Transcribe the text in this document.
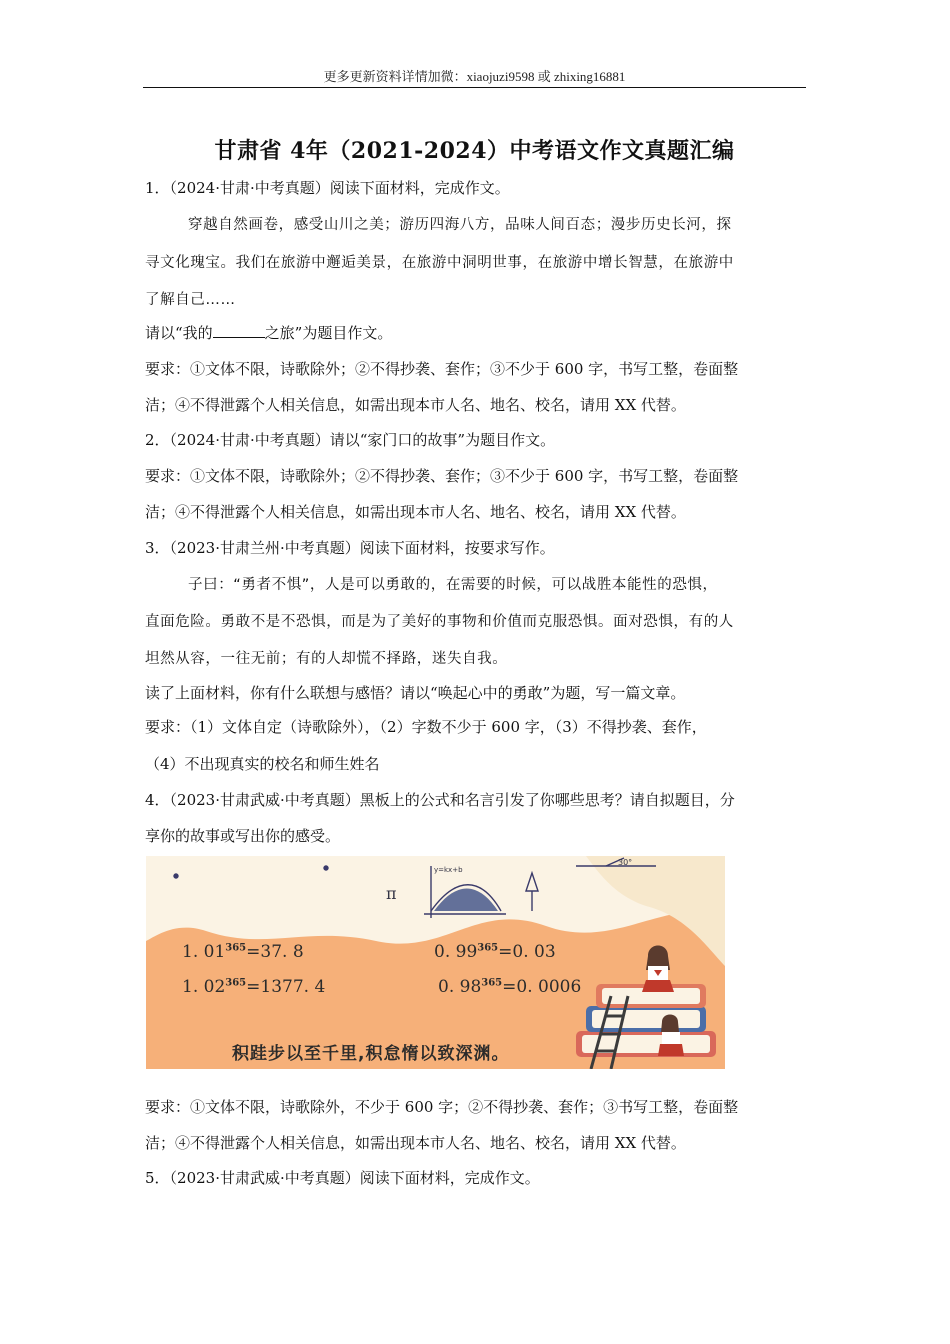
更多更新资料详情加微：xiaojuzi9598 或 zhixing16881
甘肃省 4年（2021-2024）中考语文作文真题汇编
1．（2024·甘肃·中考真题）阅读下面材料，完成作文。
穿越自然画卷，感受山川之美；游历四海八方，品味人间百态；漫步历史长河，探
寻文化瑰宝。我们在旅游中邂逅美景，在旅游中洞明世事，在旅游中增长智慧，在旅游中
了解自己……
请以“我的	之旅”为题目作文。
要求：①文体不限，诗歌除外；②不得抄袭、套作；③不少于 600 字，书写工整，卷面整
洁；④不得泄露个人相关信息，如需出现本市人名、地名、校名，请用 XX 代替。
2．（2024·甘肃·中考真题）请以“家门口的故事”为题目作文。
要求：①文体不限，诗歌除外；②不得抄袭、套作；③不少于 600 字，书写工整，卷面整
洁；④不得泄露个人相关信息，如需出现本市人名、地名、校名，请用 XX 代替。
3．（2023·甘肃兰州·中考真题）阅读下面材料，按要求写作。
子曰：“勇者不惧”，人是可以勇敢的，在需要的时候，可以战胜本能性的恐惧，
直面危险。勇敢不是不恐惧，而是为了美好的事物和价值而克服恐惧。面对恐惧，有的人
坦然从容，一往无前；有的人却慌不择路，迷失自我。
读了上面材料，你有什么联想与感悟？请以“唤起心中的勇敢”为题，写一篇文章。
要求：（1）文体自定（诗歌除外），（2）字数不少于 600 字，（3）不得抄袭、套作，
（4）不出现真实的校名和师生姓名
4．（2023·甘肃武威·中考真题）黑板上的公式和名言引发了你哪些思考？请自拟题目，分
享你的故事或写出你的感受。
π
y=kx+b
30°
1. $01^{365}=37$. 8
1. $02^{365}=1377$. 4
0. $99^{365}=0$. 03
0. $98^{365}=0$. 0006
积跬步以至千里,积怠惰以致深渊。
要求：①文体不限，诗歌除外，不少于 600 字；②不得抄袭、套作；③书写工整，卷面整
洁；④不得泄露个人相关信息，如需出现本市人名、地名、校名，请用 XX 代替。
5．（2023·甘肃武威·中考真题）阅读下面材料，完成作文。
